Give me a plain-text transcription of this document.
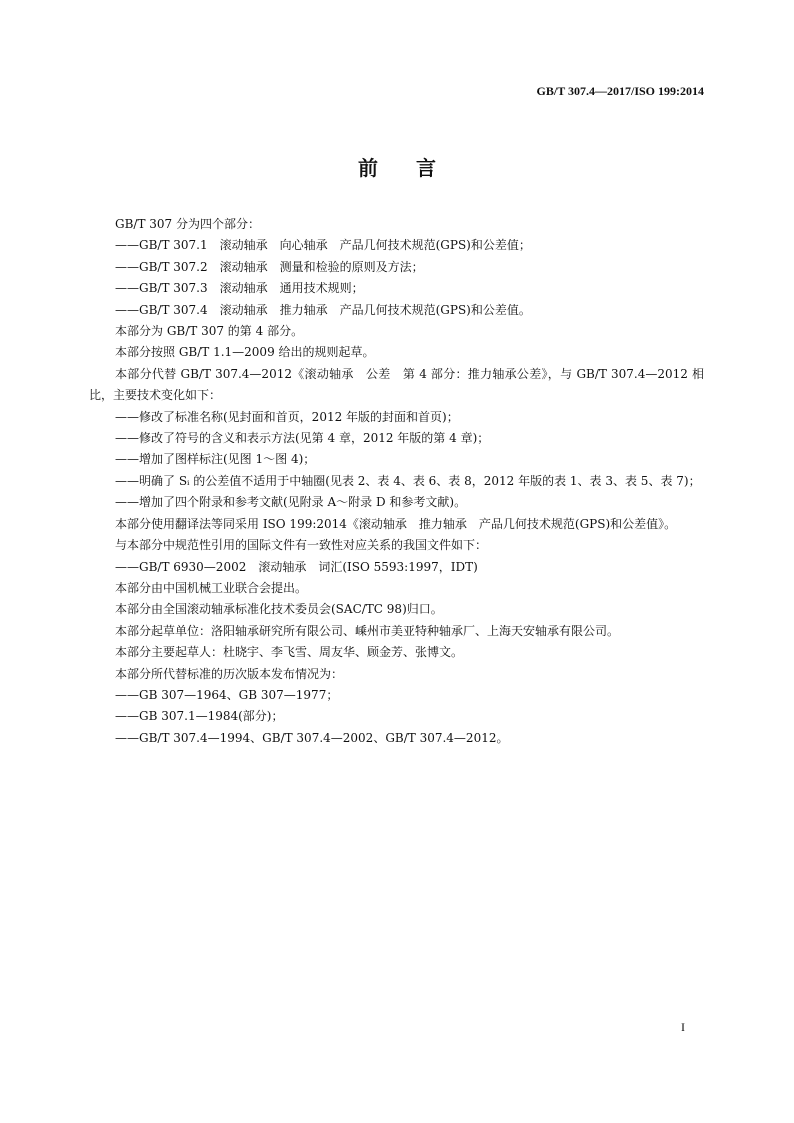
GB/T 307.4—2017/ISO 199:2014
前言

GB/T 307 分为四个部分：

——GB/T 307.1　滚动轴承　向心轴承　产品几何技术规范(GPS)和公差值；

——GB/T 307.2　滚动轴承　测量和检验的原则及方法；

——GB/T 307.3　滚动轴承　通用技术规则；

——GB/T 307.4　滚动轴承　推力轴承　产品几何技术规范(GPS)和公差值。

本部分为 GB/T 307 的第 4 部分。

本部分按照 GB/T 1.1—2009 给出的规则起草。

本部分代替 GB/T 307.4—2012《滚动轴承　公差　第 4 部分：推力轴承公差》，与 GB/T 307.4—2012 相比，主要技术变化如下：

——修改了标准名称(见封面和首页，2012 年版的封面和首页)；

——修改了符号的含义和表示方法(见第 4 章，2012 年版的第 4 章)；

——增加了图样标注(见图 1～图 4)；

——明确了 Sᵢ 的公差值不适用于中轴圈(见表 2、表 4、表 6、表 8，2012 年版的表 1、表 3、表 5、表 7)；

——增加了四个附录和参考文献(见附录 A～附录 D 和参考文献)。

本部分使用翻译法等同采用 ISO 199:2014《滚动轴承　推力轴承　产品几何技术规范(GPS)和公差值》。

与本部分中规范性引用的国际文件有一致性对应关系的我国文件如下：

——GB/T 6930—2002　滚动轴承　词汇(ISO 5593:1997，IDT)

本部分由中国机械工业联合会提出。

本部分由全国滚动轴承标准化技术委员会(SAC/TC 98)归口。

本部分起草单位：洛阳轴承研究所有限公司、嵊州市美亚特种轴承厂、上海天安轴承有限公司。

本部分主要起草人：杜晓宇、李飞雪、周友华、顾金芳、张博文。

本部分所代替标准的历次版本发布情况为：

——GB 307—1964、GB 307—1977；

——GB 307.1—1984(部分)；

——GB/T 307.4—1994、GB/T 307.4—2002、GB/T 307.4—2012。

I
